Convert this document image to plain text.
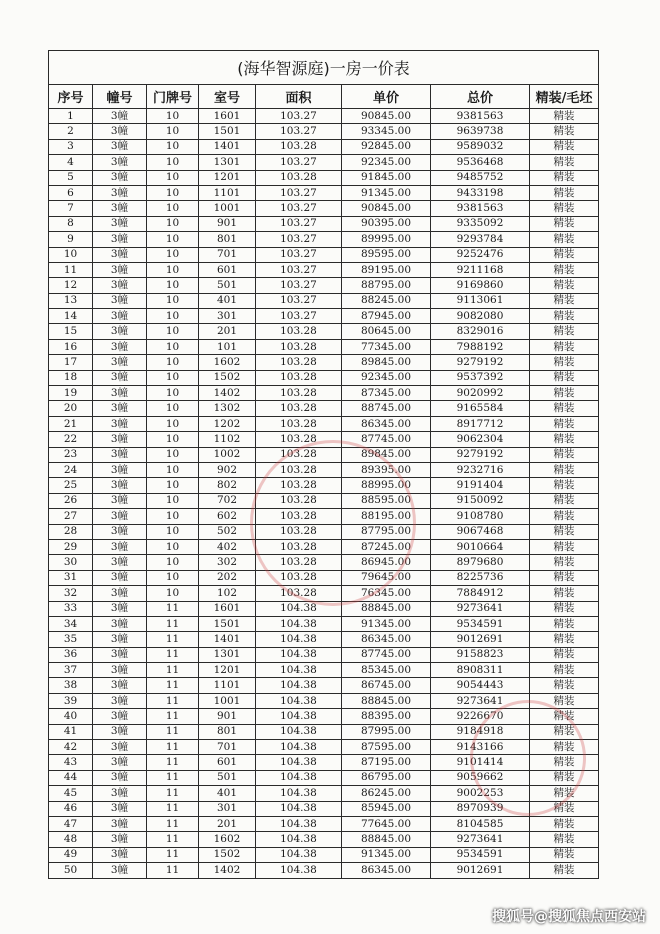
(海华智源庭)一房一价表							
序号	幢号	门牌号	室号	面积	单价	总价	精装/毛坯
1	3幢	10	1601	103.27	90845.00	9381563	精装
2	3幢	10	1501	103.27	93345.00	9639738	精装
3	3幢	10	1401	103.28	92845.00	9589032	精装
4	3幢	10	1301	103.27	92345.00	9536468	精装
5	3幢	10	1201	103.28	91845.00	9485752	精装
6	3幢	10	1101	103.27	91345.00	9433198	精装
7	3幢	10	1001	103.27	90845.00	9381563	精装
8	3幢	10	901	103.27	90395.00	9335092	精装
9	3幢	10	801	103.27	89995.00	9293784	精装
10	3幢	10	701	103.27	89595.00	9252476	精装
11	3幢	10	601	103.27	89195.00	9211168	精装
12	3幢	10	501	103.27	88795.00	9169860	精装
13	3幢	10	401	103.27	88245.00	9113061	精装
14	3幢	10	301	103.27	87945.00	9082080	精装
15	3幢	10	201	103.28	80645.00	8329016	精装
16	3幢	10	101	103.28	77345.00	7988192	精装
17	3幢	10	1602	103.28	89845.00	9279192	精装
18	3幢	10	1502	103.28	92345.00	9537392	精装
19	3幢	10	1402	103.28	87345.00	9020992	精装
20	3幢	10	1302	103.28	88745.00	9165584	精装
21	3幢	10	1202	103.28	86345.00	8917712	精装
22	3幢	10	1102	103.28	87745.00	9062304	精装
23	3幢	10	1002	103.28	89845.00	9279192	精装
24	3幢	10	902	103.28	89395.00	9232716	精装
25	3幢	10	802	103.28	88995.00	9191404	精装
26	3幢	10	702	103.28	88595.00	9150092	精装
27	3幢	10	602	103.28	88195.00	9108780	精装
28	3幢	10	502	103.28	87795.00	9067468	精装
29	3幢	10	402	103.28	87245.00	9010664	精装
30	3幢	10	302	103.28	86945.00	8979680	精装
31	3幢	10	202	103.28	79645.00	8225736	精装
32	3幢	10	102	103.28	76345.00	7884912	精装
33	3幢	11	1601	104.38	88845.00	9273641	精装
34	3幢	11	1501	104.38	91345.00	9534591	精装
35	3幢	11	1401	104.38	86345.00	9012691	精装
36	3幢	11	1301	104.38	87745.00	9158823	精装
37	3幢	11	1201	104.38	85345.00	8908311	精装
38	3幢	11	1101	104.38	86745.00	9054443	精装
39	3幢	11	1001	104.38	88845.00	9273641	精装
40	3幢	11	901	104.38	88395.00	9226670	精装
41	3幢	11	801	104.38	87995.00	9184918	精装
42	3幢	11	701	104.38	87595.00	9143166	精装
43	3幢	11	601	104.38	87195.00	9101414	精装
44	3幢	11	501	104.38	86795.00	9059662	精装
45	3幢	11	401	104.38	86245.00	9002253	精装
46	3幢	11	301	104.38	85945.00	8970939	精装
47	3幢	11	201	104.38	77645.00	8104585	精装
48	3幢	11	1602	104.38	88845.00	9273641	精装
49	3幢	11	1502	104.38	91345.00	9534591	精装
50	3幢	11	1402	104.38	86345.00	9012691	精装
搜狐号@搜狐焦点西安站
